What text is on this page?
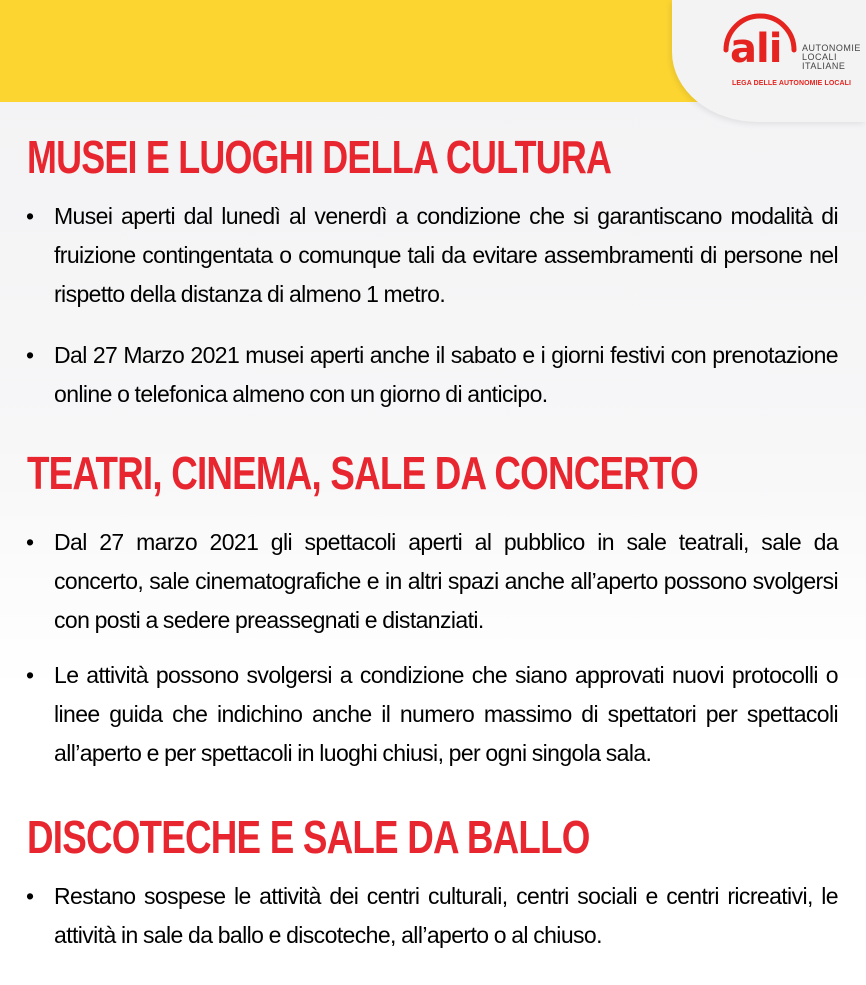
ali AUTONOMIE
LOCALI
ITALIANE
LEGA DELLE AUTONOMIE LOCALI
MUSEI E LUOGHI DELLA CULTURA
• Musei aperti dal lunedì al venerdì a condizione che si garantiscano modalità di fruizione contingentata o comunque tali da evitare assembramenti di persone nel rispetto della distanza di almeno 1 metro.
• Dal 27 Marzo 2021 musei aperti anche il sabato e i giorni festivi con prenotazione online o telefonica almeno con un giorno di anticipo.
TEATRI, CINEMA, SALE DA CONCERTO
• Dal 27 marzo 2021 gli spettacoli aperti al pubblico in sale teatrali, sale da concerto, sale cinematografiche e in altri spazi anche all’aperto possono svolgersi con posti a sedere preassegnati e distanziati.
• Le attività possono svolgersi a condizione che siano approvati nuovi protocolli o linee guida che indichino anche il numero massimo di spettatori per spettacoli all’aperto e per spettacoli in luoghi chiusi, per ogni singola sala.
DISCOTECHE E SALE DA BALLO
• Restano sospese le attività dei centri culturali, centri sociali e centri ricreativi, le attività in sale da ballo e discoteche, all’aperto o al chiuso.
